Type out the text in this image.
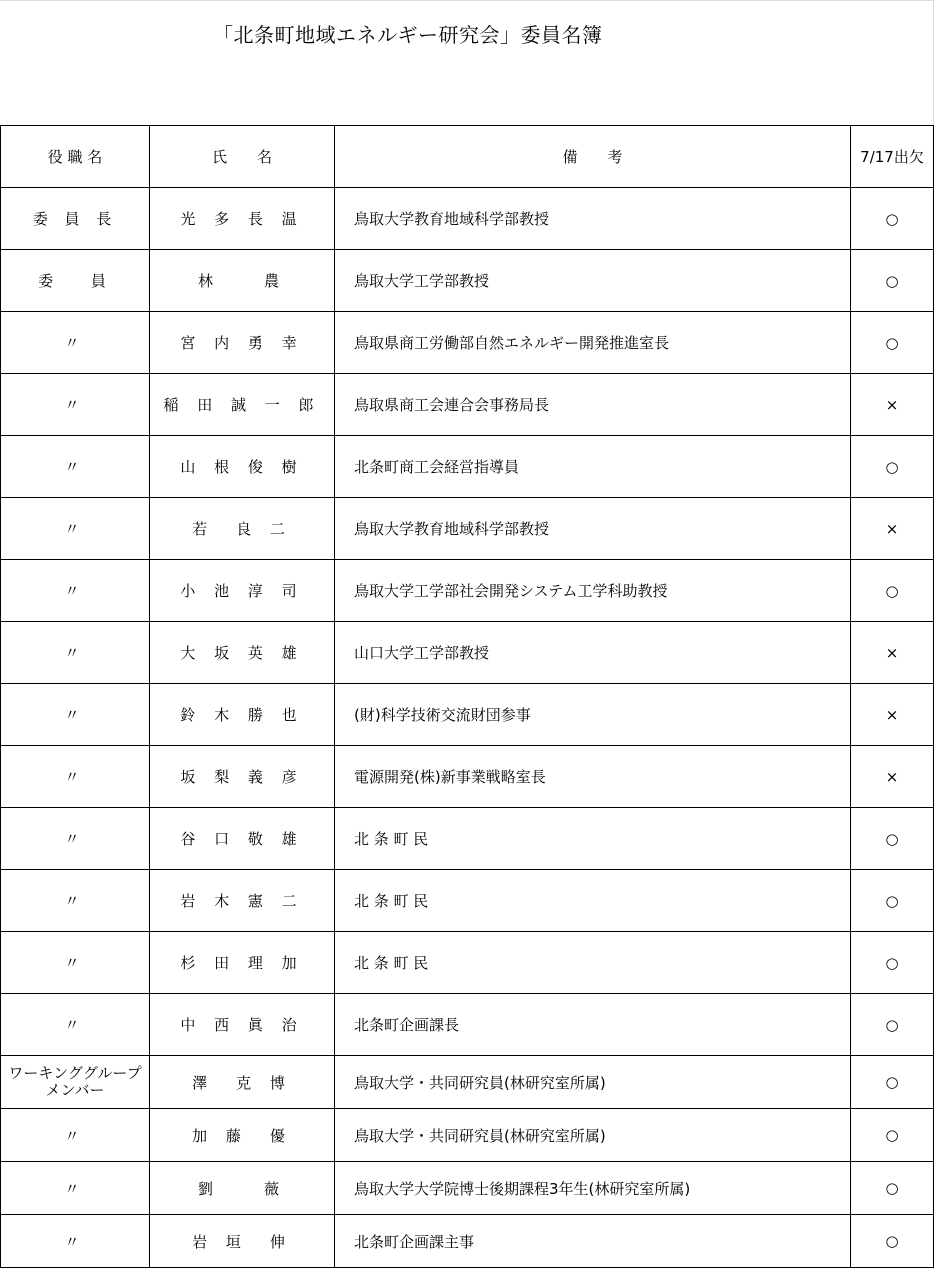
「北条町地域エネルギー研究会」委員名簿
役 職 名	氏　　名	備　　考	7/17出欠
委 員 長	光 多 長 温	鳥取大学教育地域科学部教授	○
委　 員	林　　農	鳥取大学工学部教授	○
〃	宮 内 勇 幸	鳥取県商工労働部自然エネルギー開発推進室長	○
〃	稲 田 誠 一 郎	鳥取県商工会連合会事務局長	×
〃	山 根 俊 樹	北条町商工会経営指導員	○
〃	若　良 二	鳥取大学教育地域科学部教授	×
〃	小 池 淳 司	鳥取大学工学部社会開発システム工学科助教授	○
〃	大 坂 英 雄	山口大学工学部教授	×
〃	鈴 木 勝 也	(財)科学技術交流財団参事	×
〃	坂 梨 義 彦	電源開発(株)新事業戦略室長	×
〃	谷 口 敬 雄	北 条 町 民	○
〃	岩 木 憲 二	北 条 町 民	○
〃	杉 田 理 加	北 条 町 民	○
〃	中 西 眞 治	北条町企画課長	○
ワーキンググループ メンバー	澤　克 博	鳥取大学・共同研究員(林研究室所属)	○
〃	加 藤　優	鳥取大学・共同研究員(林研究室所属)	○
〃	劉　　薇	鳥取大学大学院博士後期課程3年生(林研究室所属)	○
〃	岩 垣　伸	北条町企画課主事	○
